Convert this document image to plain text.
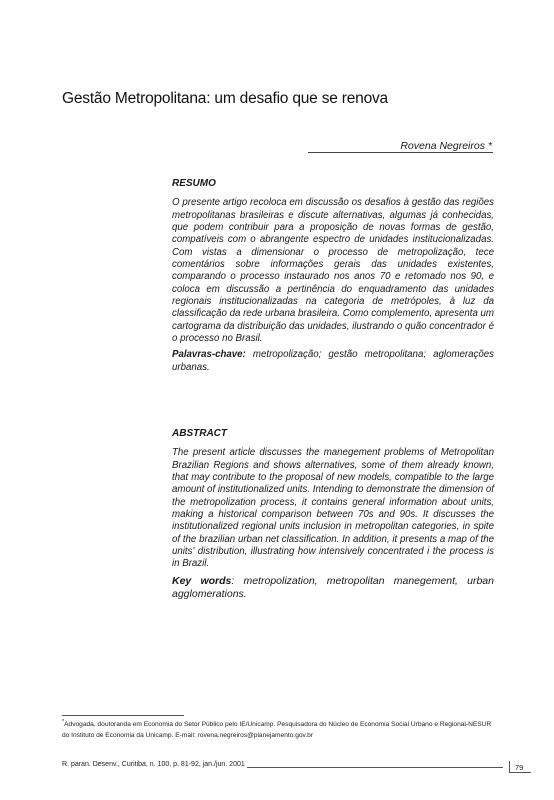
Gestão Metropolitana: um desafio que se renova
Rovena Negreiros *
RESUMO
O presente artigo recoloca em discussão os desafios à gestão das regiões metropolitanas brasileiras e discute alternativas, algumas já conhecidas, que podem contribuir para a proposição de novas formas de gestão, compatíveis com o abrangente espectro de unidades institucionalizadas. Com vistas a dimensionar o processo de metropolização, tece comentários sobre informações gerais das unidades existentes, comparando o processo instaurado nos anos 70 e retomado nos 90, e coloca em discussão a pertinência do enquadramento das unidades regionais institucionalizadas na categoria de metrópoles, à luz da classificação da rede urbana brasileira. Como complemento, apresenta um cartograma da distribuição das unidades, ilustrando o quão concentrador é o processo no Brasil.
Palavras-chave: metropolização; gestão metropolitana; aglomerações urbanas.
ABSTRACT
The present article discusses the manegement problems of Metropolitan Brazilian Regions and shows alternatives, some of them already known, that may contribute to the proposal of new models, compatible to the large amount of institutionalized units. Intending to demonstrate the dimension of the metropolization process, it contains general information about units, making a historical comparison between 70s and 90s. It discusses the institutionalized regional units inclusion in metropolitan categories, in spite of the brazilian urban net classification. In addition, it presents a map of the units' distribution, illustrating how intensively concentrated i the process is in Brazil.
Key words: metropolization, metropolitan manegement, urban agglomerations.
*Advogada, doutoranda em Economia do Setor Público pelo IE/Unicamp. Pesquisadora do Núcleo de Economia Social Urbano e Regional-NESUR do Instituto de Economia da Unicamp. E-mail: rovena.negreiros@planejamento.gov.br
R. paran. Desenv., Curitiba, n. 100, p. 81-92, jan./jun. 2001	79
